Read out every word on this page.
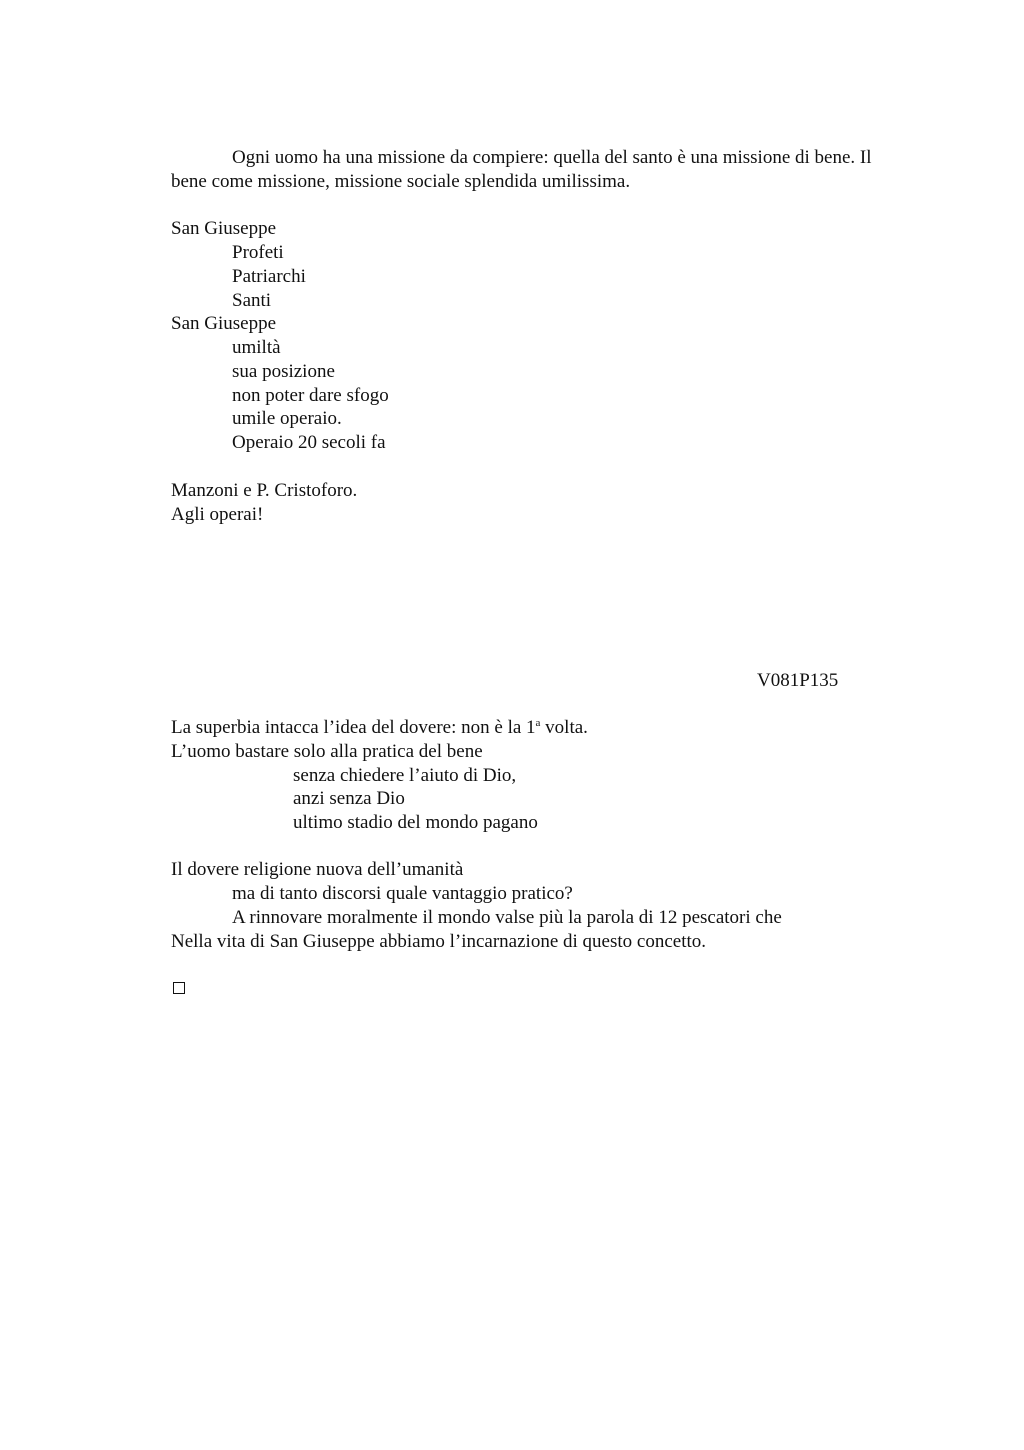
Ogni uomo ha una missione da compiere: quella del santo è una missione di bene. Il
bene come missione, missione sociale splendida umilissima.
San Giuseppe
Profeti
Patriarchi
Santi
San Giuseppe
umiltà
sua posizione
non poter dare sfogo
umile operaio.
Operaio 20 secoli fa
Manzoni e P. Cristoforo.
Agli operai!
V081P135
La superbia intacca l’idea del dovere: non è la 1$^a$ volta.
L’uomo bastare solo alla pratica del bene
senza chiedere l’aiuto di Dio,
anzi senza Dio
ultimo stadio del mondo pagano
Il dovere religione nuova dell’umanità
ma di tanto discorsi quale vantaggio pratico?
A rinnovare moralmente il mondo valse più la parola di 12 pescatori che
Nella vita di San Giuseppe abbiamo l’incarnazione di questo concetto.
